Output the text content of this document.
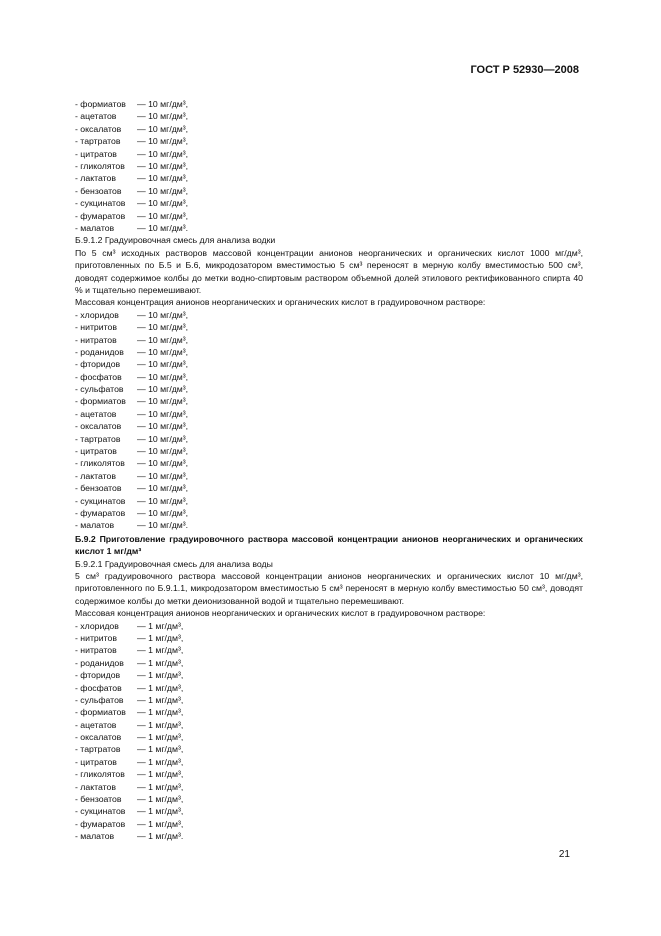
ГОСТ Р 52930—2008
- формиатов — 10 мг/дм³,
- ацетатов — 10 мг/дм³,
- оксалатов — 10 мг/дм³,
- тартратов — 10 мг/дм³,
- цитратов — 10 мг/дм³,
- гликолятов — 10 мг/дм³,
- лактатов — 10 мг/дм³,
- бензоатов — 10 мг/дм³,
- сукцинатов — 10 мг/дм³,
- фумаратов — 10 мг/дм³,
- малатов	— 10 мг/дм³.
Б.9.1.2 Градуировочная смесь для анализа водки
По 5 см³ исходных растворов массовой концентрации анионов неорганических и органических кислот 1000 мг/дм³, приготовленных по Б.5 и Б.6, микродозатором вместимостью 5 см³ переносят в мерную колбу вместимостью 500 см³, доводят содержимое колбы до метки водно-спиртовым раствором объемной долей этилового ректификованного спирта 40 % и тщательно перемешивают.
Массовая концентрация анионов неорганических и органических кислот в градуировочном растворе:
- хлоридов — 10 мг/дм³,
- нитритов — 10 мг/дм³,
- нитратов — 10 мг/дм³,
- роданидов — 10 мг/дм³,
- фторидов — 10 мг/дм³,
- фосфатов — 10 мг/дм³,
- сульфатов — 10 мг/дм³,
- формиатов — 10 мг/дм³,
- ацетатов — 10 мг/дм³,
- оксалатов — 10 мг/дм³,
- тартратов — 10 мг/дм³,
- цитратов — 10 мг/дм³,
- гликолятов — 10 мг/дм³,
- лактатов — 10 мг/дм³,
- бензоатов — 10 мг/дм³,
- сукцинатов — 10 мг/дм³,
- фумаратов — 10 мг/дм³,
- малатов	— 10 мг/дм³.
Б.9.2 Приготовление градуировочного раствора массовой концентрации анионов неорганических и органических кислот 1 мг/дм³
Б.9.2.1 Градуировочная смесь для анализа воды
5 см³ градуировочного раствора массовой концентрации анионов неорганических и органических кислот 10 мг/дм³, приготовленного по Б.9.1.1, микродозатором вместимостью 5 см³ переносят в мерную колбу вместимостью 50 см³, доводят содержимое колбы до метки деионизованной водой и тщательно перемешивают.
Массовая концентрация анионов неорганических и органических кислот в градуировочном растворе:
- хлоридов — 1 мг/дм³,
- нитритов — 1 мг/дм³,
- нитратов — 1 мг/дм³,
- роданидов — 1 мг/дм³,
- фторидов — 1 мг/дм³,
- фосфатов — 1 мг/дм³,
- сульфатов — 1 мг/дм³,
- формиатов — 1 мг/дм³,
- ацетатов — 1 мг/дм³,
- оксалатов — 1 мг/дм³,
- тартратов — 1 мг/дм³,
- цитратов — 1 мг/дм³,
- гликолятов — 1 мг/дм³,
- лактатов — 1 мг/дм³,
- бензоатов — 1 мг/дм³,
- сукцинатов — 1 мг/дм³,
- фумаратов — 1 мг/дм³,
- малатов	— 1 мг/дм³.
21
